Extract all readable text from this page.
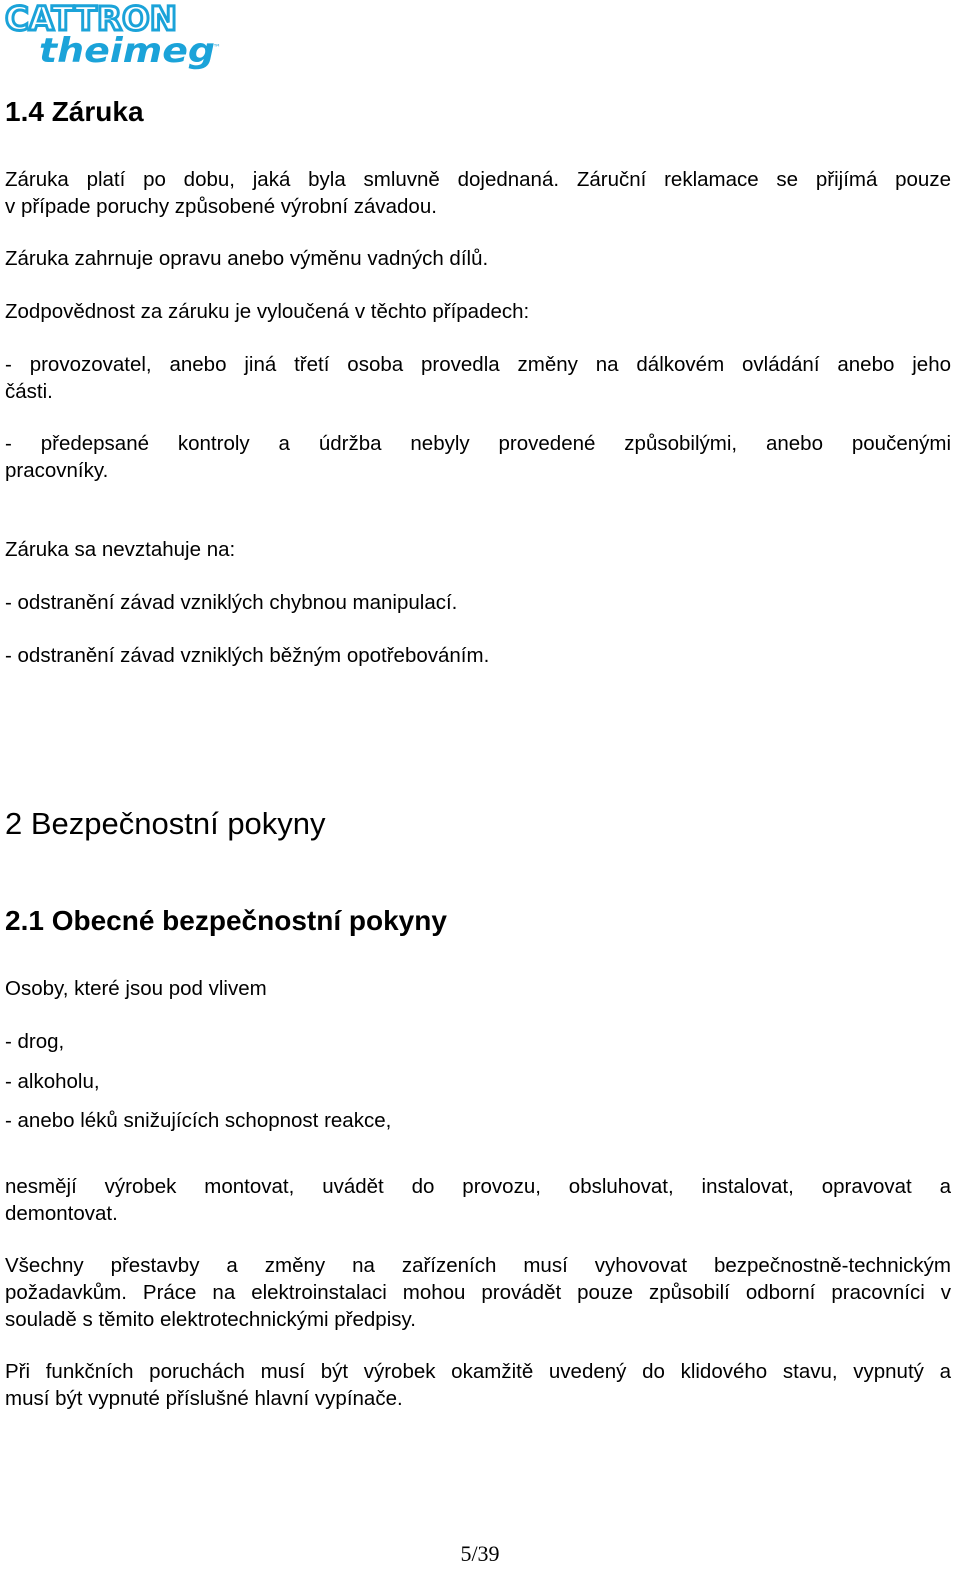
CATTRON
theimeg
™
1.4 Záruka

Záruka platí po dobu, jaká byla smluvně dojednaná. Záruční reklamace se přijímá pouze

v případe poruchy způsobené výrobní závadou.

Záruka zahrnuje opravu anebo výměnu vadných dílů.

Zodpovědnost za záruku je vyloučená v těchto případech:

- provozovatel, anebo jiná třetí osoba provedla změny na dálkovém ovládání anebo jeho

části.

- předepsané kontroly a údržba nebyly provedené způsobilými, anebo poučenými

pracovníky.

Záruka sa nevztahuje na:

- odstranění závad vzniklých chybnou manipulací.

- odstranění závad vzniklých běžným opotřebováním.

2 Bezpečnostní pokyny
2.1 Obecné bezpečnostní pokyny

Osoby, které jsou pod vlivem

- drog,

- alkoholu,

- anebo léků snižujících schopnost reakce,

nesmějí výrobek montovat, uvádět do provozu, obsluhovat, instalovat, opravovat a

demontovat.

Všechny přestavby a změny na zařízeních musí vyhovovat bezpečnostně-technickým

požadavkům. Práce na elektroinstalaci mohou provádět pouze způsobilí odborní pracovníci v

souladě s těmito elektrotechnickými předpisy.

Při funkčních poruchách musí být výrobek okamžitě uvedený do klidového stavu, vypnutý a

musí být vypnuté příslušné hlavní vypínače.

5/39
